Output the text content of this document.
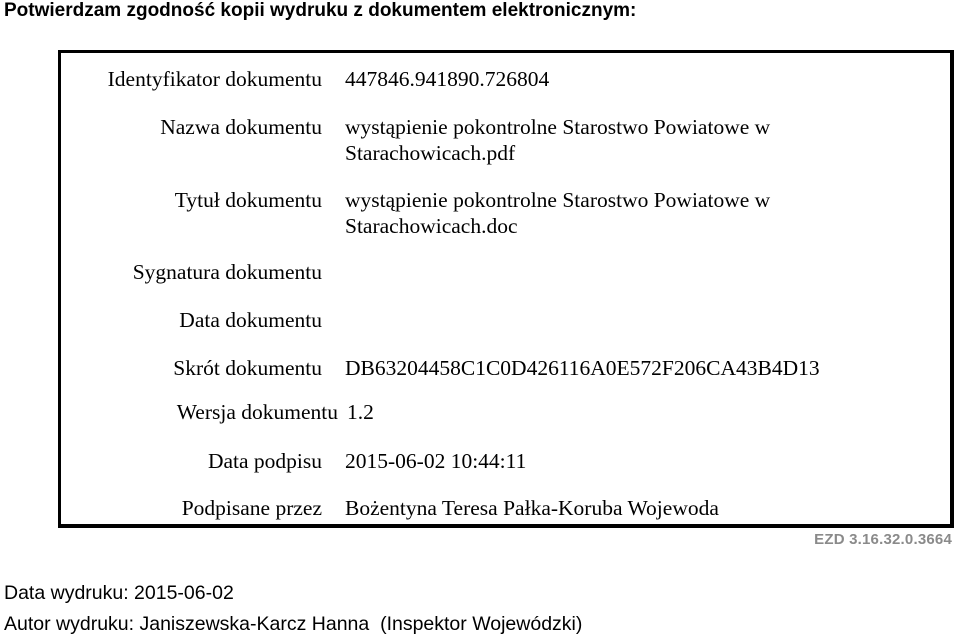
Potwierdzam zgodność kopii wydruku z dokumentem elektronicznym:
Identyfikator dokumentu 447846.941890.726804
Nazwa dokumentu wystąpienie pokontrolne Starostwo Powiatowe w
Starachowicach.pdf
Tytuł dokumentu wystąpienie pokontrolne Starostwo Powiatowe w
Starachowicach.doc
Sygnatura dokumentu
Data dokumentu
Skrót dokumentu DB63204458C1C0D426116A0E572F206CA43B4D13
Wersja dokumentu 1.2
Data podpisu 2015-06-02 10:44:11
Podpisane przez Bożentyna Teresa Pałka-Koruba Wojewoda
EZD 3.16.32.0.3664
Data wydruku: 2015-06-02
Autor wydruku: Janiszewska-Karcz Hanna  (Inspektor Wojewódzki)
